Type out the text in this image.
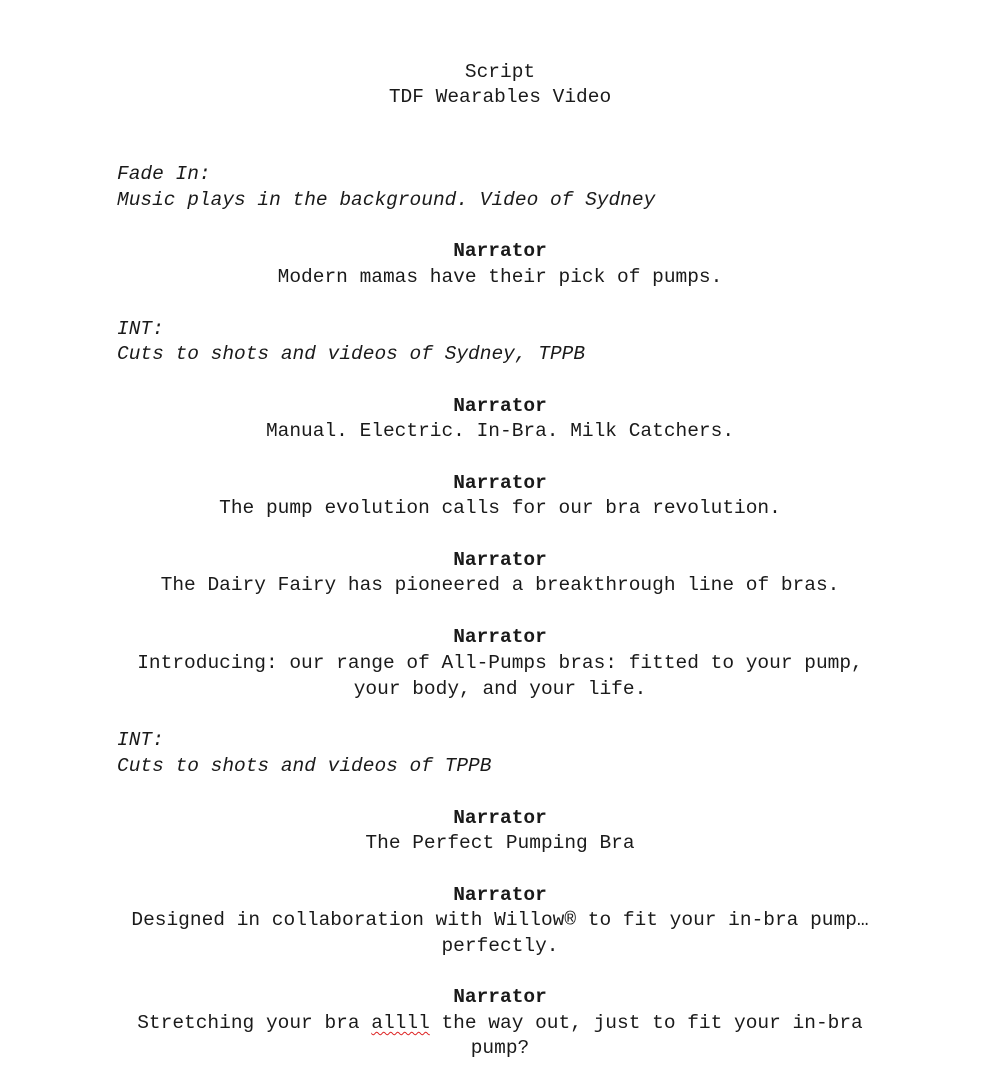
Script
TDF Wearables Video
Fade In:
Music plays in the background. Video of Sydney
Narrator
Modern mamas have their pick of pumps.
INT:
Cuts to shots and videos of Sydney, TPPB
Narrator
Manual. Electric. In-Bra. Milk Catchers.
Narrator
The pump evolution calls for our bra revolution.
Narrator
The Dairy Fairy has pioneered a breakthrough line of bras.
Narrator
Introducing: our range of All-Pumps bras: fitted to your pump,
your body, and your life.
INT:
Cuts to shots and videos of TPPB
Narrator
The Perfect Pumping Bra
Narrator
Designed in collaboration with Willow® to fit your in-bra pump…
perfectly.
Narrator
Stretching your bra allll the way out, just to fit your in-bra
pump?
